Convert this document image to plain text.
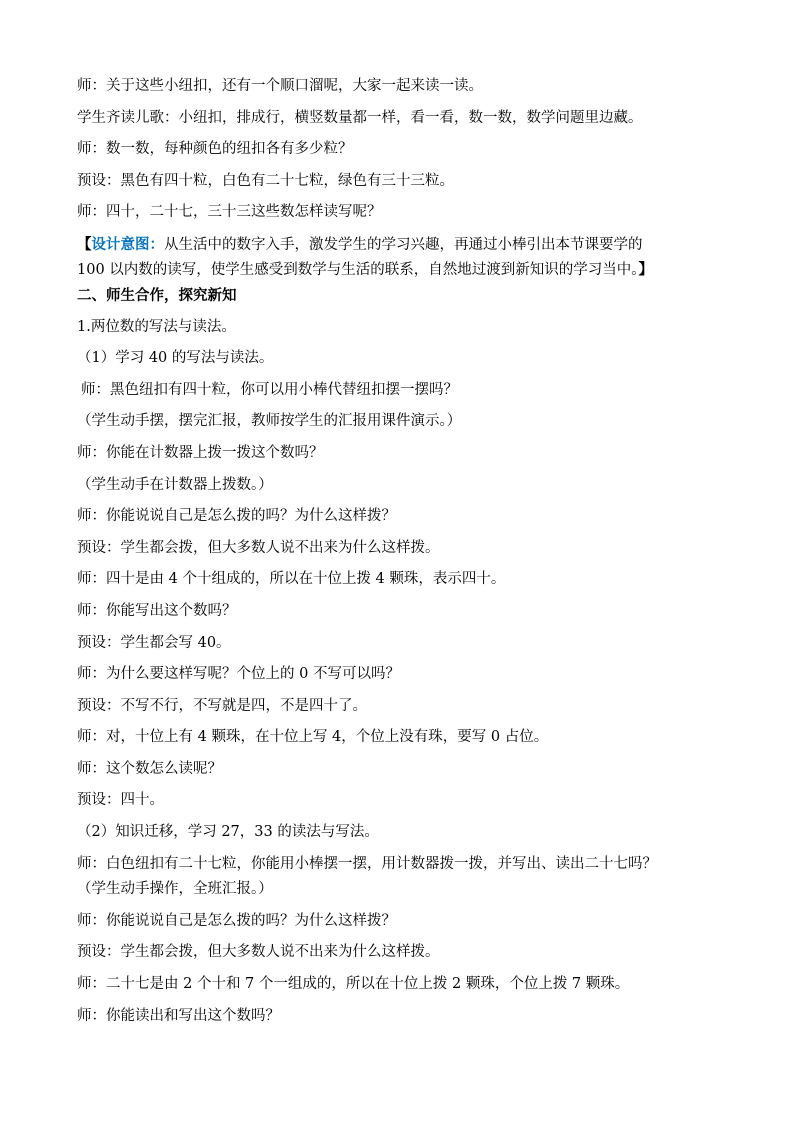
师：关于这些小纽扣，还有一个顺口溜呢，大家一起来读一读。
学生齐读儿歌：小纽扣，排成行，横竖数量都一样，看一看，数一数，数学问题里边藏。
师：数一数，每种颜色的纽扣各有多少粒？
预设：黑色有四十粒，白色有二十七粒，绿色有三十三粒。
师：四十，二十七，三十三这些数怎样读写呢？
【设计意图：从生活中的数字入手，激发学生的学习兴趣，再通过小棒引出本节课要学的
100 以内数的读写，使学生感受到数学与生活的联系，自然地过渡到新知识的学习当中。】
二、师生合作，探究新知
1.两位数的写法与读法。
（1）学习 40 的写法与读法。
师：黑色纽扣有四十粒，你可以用小棒代替纽扣摆一摆吗？
（学生动手摆，摆完汇报，教师按学生的汇报用课件演示。）
师：你能在计数器上拨一拨这个数吗？
（学生动手在计数器上拨数。）
师：你能说说自己是怎么拨的吗？为什么这样拨？
预设：学生都会拨，但大多数人说不出来为什么这样拨。
师：四十是由 4 个十组成的，所以在十位上拨 4 颗珠，表示四十。
师：你能写出这个数吗？
预设：学生都会写 40。
师：为什么要这样写呢？个位上的 0 不写可以吗？
预设：不写不行，不写就是四，不是四十了。
师：对，十位上有 4 颗珠，在十位上写 4，个位上没有珠，要写 0 占位。
师：这个数怎么读呢？
预设：四十。
（2）知识迁移，学习 27，33 的读法与写法。
师：白色纽扣有二十七粒，你能用小棒摆一摆，用计数器拨一拨，并写出、读出二十七吗？
（学生动手操作，全班汇报。）
师：你能说说自己是怎么拨的吗？为什么这样拨？
预设：学生都会拨，但大多数人说不出来为什么这样拨。
师：二十七是由 2 个十和 7 个一组成的，所以在十位上拨 2 颗珠，个位上拨 7 颗珠。
师：你能读出和写出这个数吗？
